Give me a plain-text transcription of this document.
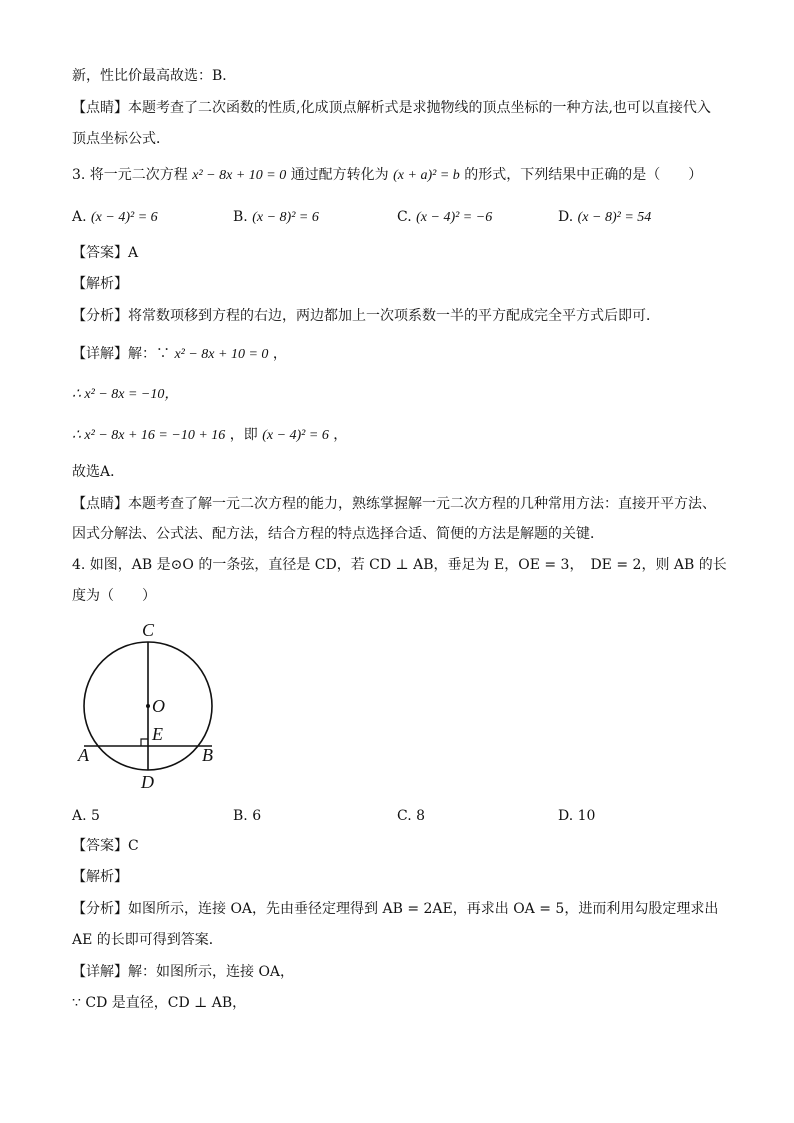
新，性比价最高故选：B．
【点睛】本题考查了二次函数的性质,化成顶点解析式是求抛物线的顶点坐标的一种方法,也可以直接代入
顶点坐标公式．
3. 将一元二次方程 x² − 8x + 10 = 0 通过配方转化为 (x + a)² = b 的形式，下列结果中正确的是（　　）
A. (x − 4)² = 6	B. (x − 8)² = 6	C. (x − 4)² = −6	D. (x − 8)² = 54
【答案】A
【解析】
【分析】将常数项移到方程的右边，两边都加上一次项系数一半的平方配成完全平方式后即可．
【详解】解：∵ x² − 8x + 10 = 0 ，
∴ x² − 8x = −10，
∴ x² − 8x + 16 = −10 + 16 ，即 (x − 4)² = 6 ，
故选A．
【点睛】本题考查了解一元二次方程的能力，熟练掌握解一元二次方程的几种常用方法：直接开平方法、
因式分解法、公式法、配方法，结合方程的特点选择合适、简便的方法是解题的关键．
4. 如图，AB 是⊙O 的一条弦，直径是 CD，若 CD ⊥ AB，垂足为 E，OE = 3，　DE = 2，则 AB 的长
度为（　　）
C
O
E
A	B
D
A. 5	B. 6	C. 8	D. 10
【答案】C
【解析】
【分析】如图所示，连接 OA，先由垂径定理得到 AB = 2AE，再求出 OA = 5，进而利用勾股定理求出
AE 的长即可得到答案．
【详解】解：如图所示，连接 OA，
∵ CD 是直径，CD ⊥ AB，
